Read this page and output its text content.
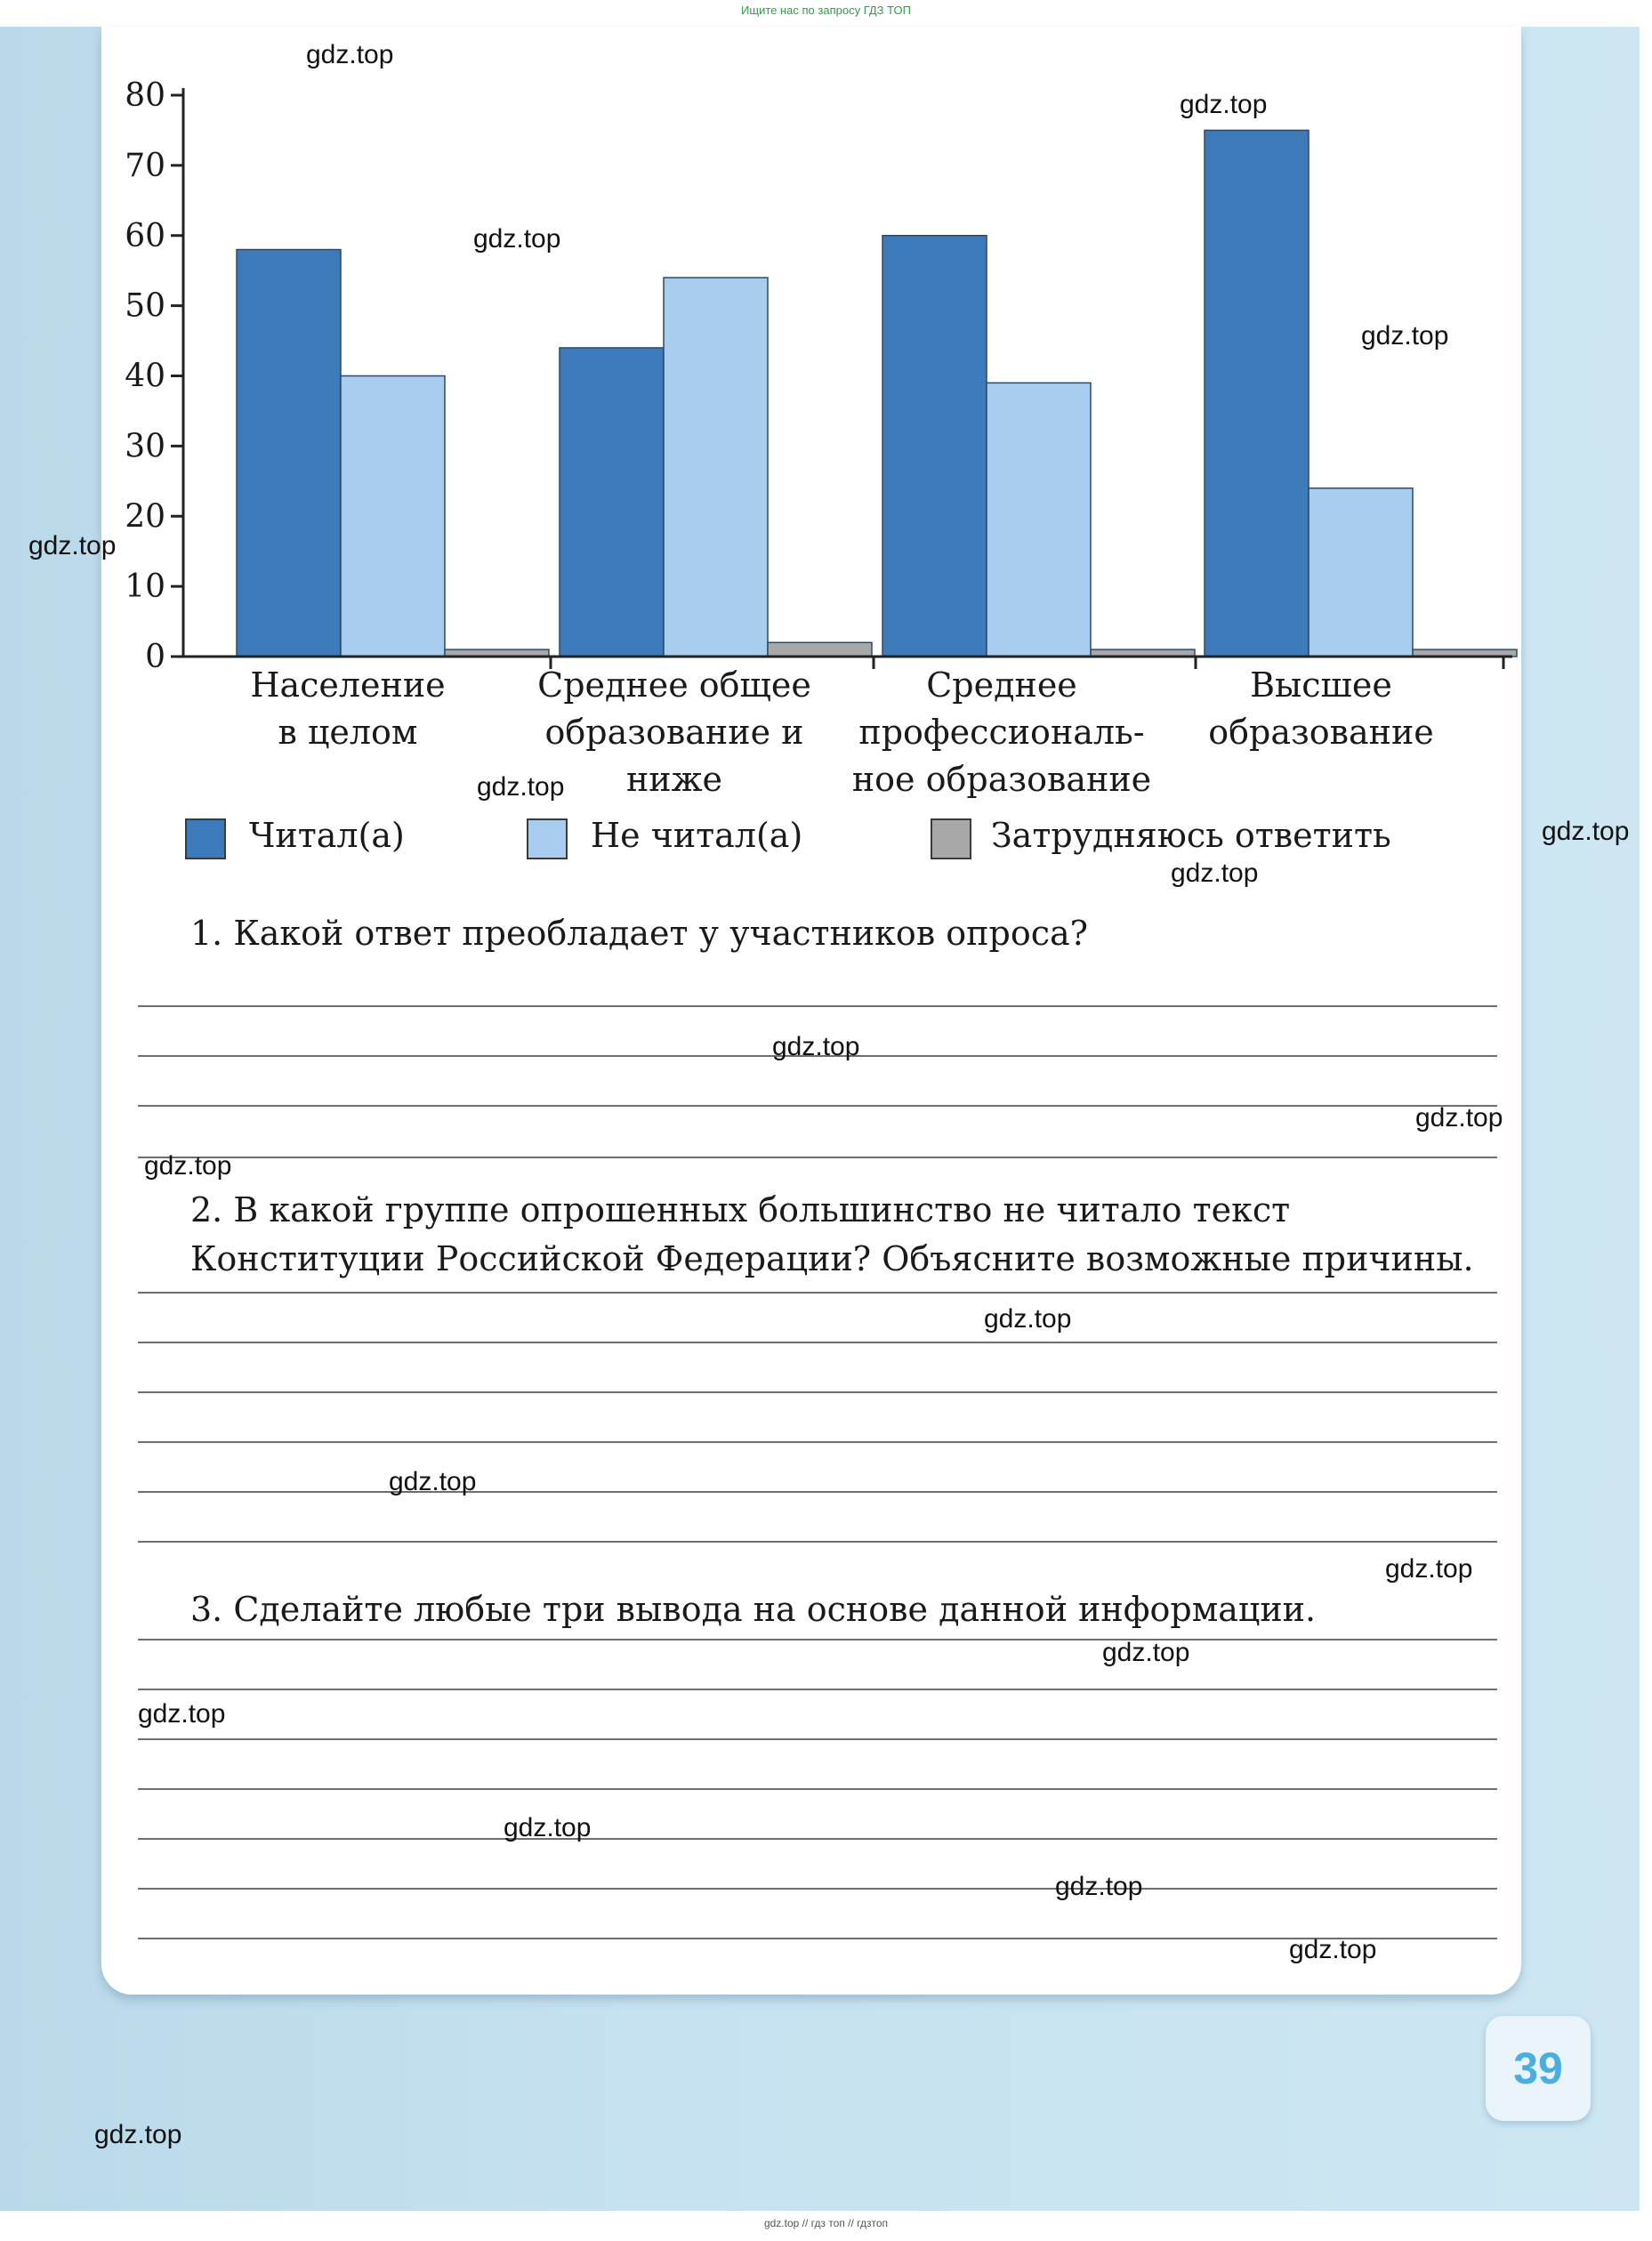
Ищите нас по запросу ГДЗ ТОП
0
10
20
30
40
50
60
70
80
Население
в целом
Среднее общее
образование и
ниже
Среднее
профессиональ-
ное образование
Высшее
образование
Читал(а)	Не читал(а)	Затрудняюсь ответить
1. Какой ответ преобладает у участников опроса?
2. В какой группе опрошенных большинство не читало текст Конституции Российской Федерации? Объясните возможные причины.
3. Сделайте любые три вывода на основе данной информации.
39
gdz.top
gdz.top
gdz.top
gdz.top
gdz.top
gdz.top
gdz.top
gdz.top
gdz.top
gdz.top
gdz.top
gdz.top
gdz.top
gdz.top
gdz.top
gdz.top
gdz.top
gdz.top
gdz.top
gdz.top
gdz.top // гдз топ // гдзтоп
